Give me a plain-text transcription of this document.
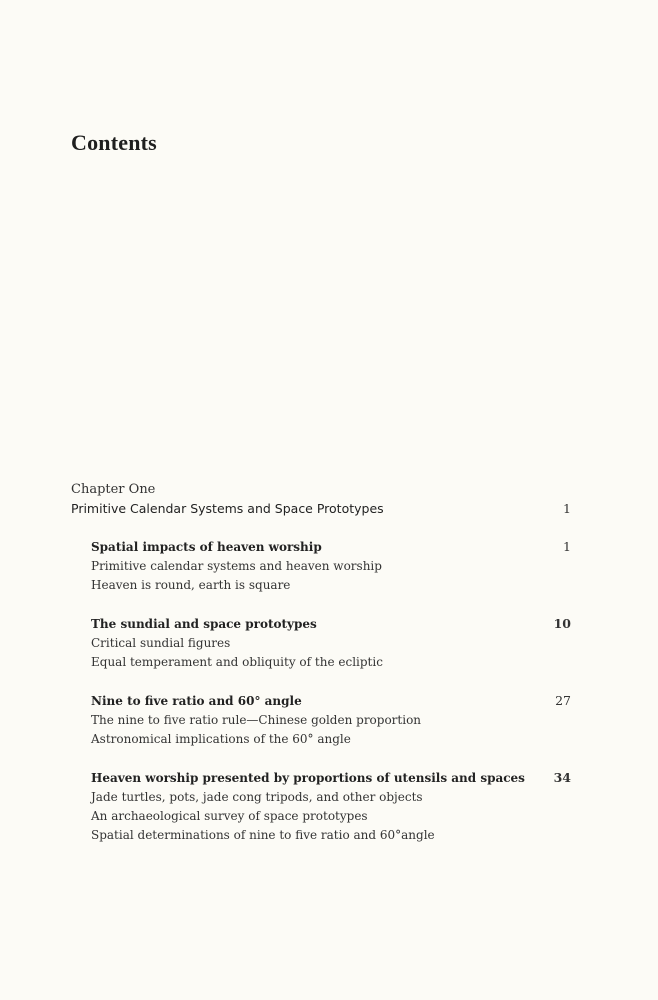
Contents
Chapter One
Primitive Calendar Systems and Space Prototypes	1
Spatial impacts of heaven worship	1
Primitive calendar systems and heaven worship
Heaven is round, earth is square
The sundial and space prototypes	10
Critical sundial figures
Equal temperament and obliquity of the ecliptic
Nine to five ratio and 60° angle	27
The nine to five ratio rule—Chinese golden proportion
Astronomical implications of the 60° angle
Heaven worship presented by proportions of utensils and spaces	34
Jade turtles, pots, jade cong tripods, and other objects
An archaeological survey of space prototypes
Spatial determinations of nine to five ratio and 60°angle
